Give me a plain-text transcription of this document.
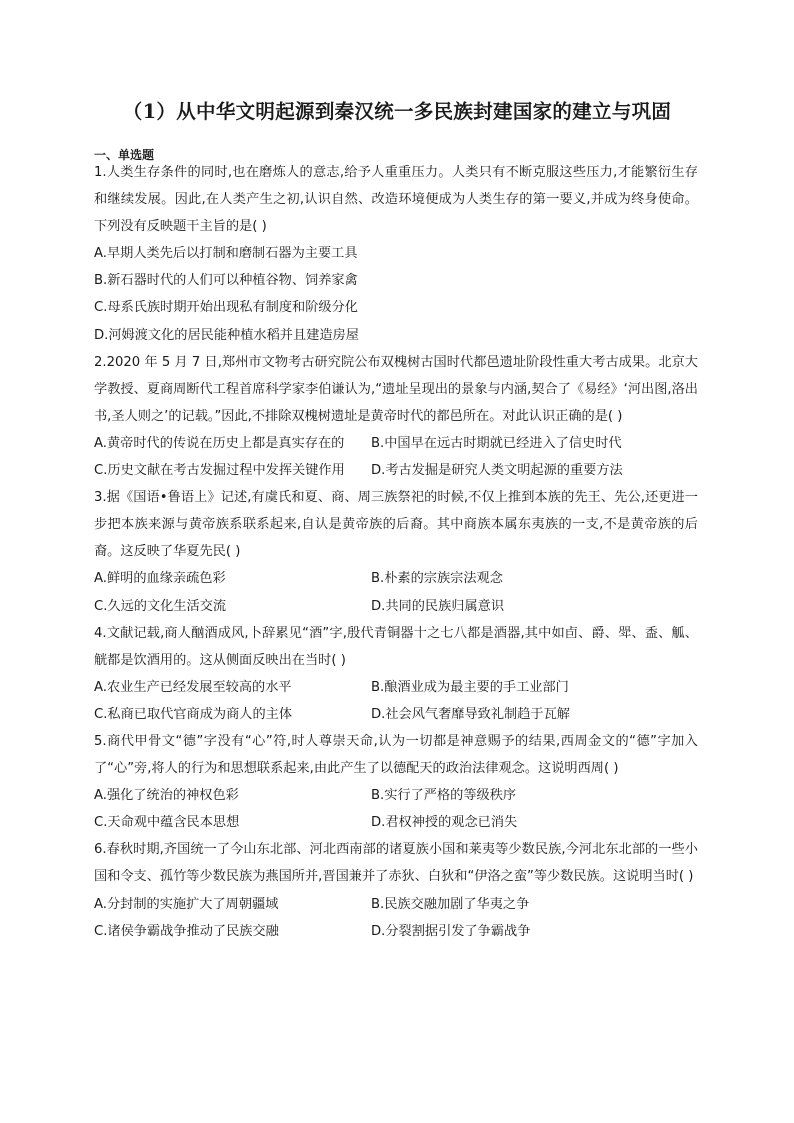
（1）从中华文明起源到秦汉统一多民族封建国家的建立与巩固
一、单选题
1.人类生存条件的同时,也在磨炼人的意志,给予人重重压力。人类只有不断克服这些压力,才能繁衍生存和继续发展。因此,在人类产生之初,认识自然、改造环境便成为人类生存的第一要义,并成为终身使命。下列没有反映题干主旨的是( )
A.早期人类先后以打制和磨制石器为主要工具
B.新石器时代的人们可以种植谷物、饲养家禽
C.母系氏族时期开始出现私有制度和阶级分化
D.河姆渡文化的居民能种植水稻并且建造房屋
2.2020 年 5 月 7 日,郑州市文物考古研究院公布双槐树古国时代都邑遗址阶段性重大考古成果。北京大学教授、夏商周断代工程首席科学家李伯谦认为,“遗址呈现出的景象与内涵,契合了《易经》‘河出图,洛出书,圣人则之’的记载。”因此,不排除双槐树遗址是黄帝时代的都邑所在。对此认识正确的是( )
A.黄帝时代的传说在历史上都是真实存在的	B.中国早在远古时期就已经进入了信史时代
C.历史文献在考古发掘过程中发挥关键作用	D.考古发掘是研究人类文明起源的重要方法
3.据《国语•鲁语上》记述,有虞氏和夏、商、周三族祭祀的时候,不仅上推到本族的先王、先公,还更进一步把本族来源与黄帝族系联系起来,自认是黄帝族的后裔。其中商族本属东夷族的一支,不是黄帝族的后裔。这反映了华夏先民( )
A.鲜明的血缘亲疏色彩	B.朴素的宗族宗法观念
C.久远的文化生活交流	D.共同的民族归属意识
4.文献记载,商人酗酒成风,卜辞累见“酒”字,殷代青铜器十之七八都是酒器,其中如卣、爵、斝、盉、觚、觥都是饮酒用的。这从侧面反映出在当时( )
A.农业生产已经发展至较高的水平	B.酿酒业成为最主要的手工业部门
C.私商已取代官商成为商人的主体	D.社会风气奢靡导致礼制趋于瓦解
5.商代甲骨文“德”字没有“心”符,时人尊崇天命,认为一切都是神意赐予的结果,西周金文的“德”字加入了“心”旁,将人的行为和思想联系起来,由此产生了以德配天的政治法律观念。这说明西周( )
A.强化了统治的神权色彩	B.实行了严格的等级秩序
C.天命观中蕴含民本思想	D.君权神授的观念已消失
6.春秋时期,齐国统一了今山东北部、河北西南部的诸夏族小国和莱夷等少数民族,今河北东北部的一些小国和令支、孤竹等少数民族为燕国所并,晋国兼并了赤狄、白狄和“伊洛之蛮”等少数民族。这说明当时( )
A.分封制的实施扩大了周朝疆域	B.民族交融加剧了华夷之争
C.诸侯争霸战争推动了民族交融	D.分裂割据引发了争霸战争
